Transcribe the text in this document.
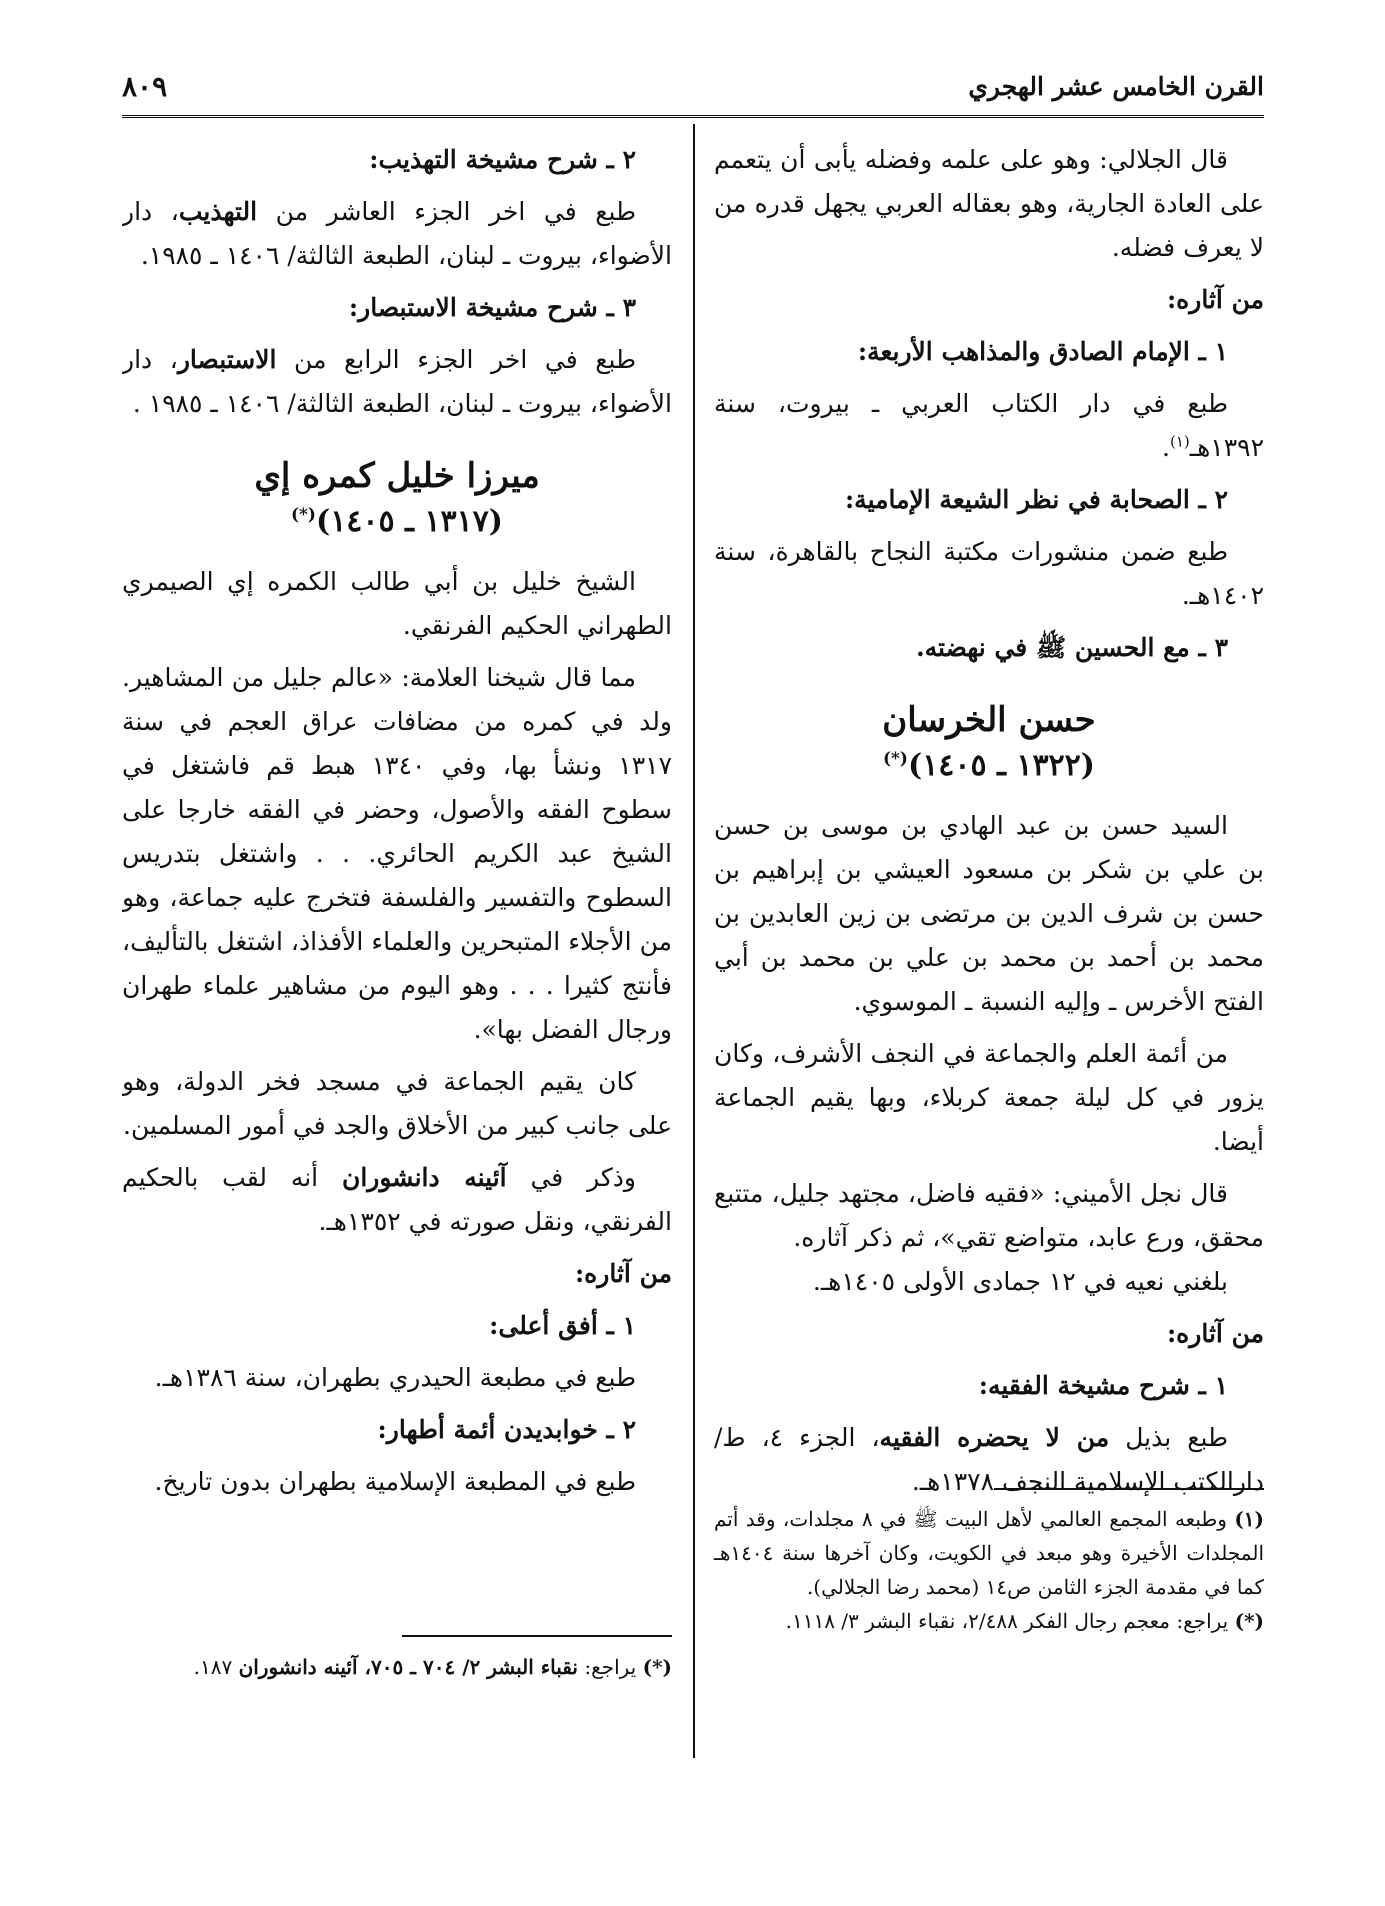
القرن الخامس عشر الهجري
٨٠٩

قال الجلالي: وهو على علمه وفضله يأبى أن يتعمم على العادة الجارية، وهو بعقاله العربي يجهل قدره من لا يعرف فضله.

من آثاره:

١ ـ الإمام الصادق والمذاهب الأربعة:

طبع في دار الكتاب العربي ـ بيروت، سنة ١٣٩٢هـ$^{(١)}$.

٢ ـ الصحابة في نظر الشيعة الإمامية:

طبع ضمن منشورات مكتبة النجاح بالقاهرة، سنة ١٤٠٢هـ.

٣ ـ مع الحسين ﷺ في نهضته.

حسن الخرسان
(١٣٢٢ ـ ١٤٠٥)(*)

السيد حسن بن عبد الهادي بن موسى بن حسن بن علي بن شكر بن مسعود العيشي بن إبراهيم بن حسن بن شرف الدين بن مرتضى بن زين العابدين بن محمد بن أحمد بن محمد بن علي بن محمد بن أبي الفتح الأخرس ـ وإليه النسبة ـ الموسوي.

من أئمة العلم والجماعة في النجف الأشرف، وكان يزور في كل ليلة جمعة كربلاء، وبها يقيم الجماعة أيضا.

قال نجل الأميني: «فقيه فاضل، مجتهد جليل، متتبع محقق، ورع عابد، متواضع تقي»، ثم ذكر آثاره.

بلغني نعيه في ١٢ جمادى الأولى ١٤٠٥هـ.

من آثاره:

١ ـ شرح مشيخة الفقيه:

طبع بذيل من لا يحضره الفقيه، الجزء ٤، ط/ دارالكتب الإسلامية النجف ١٣٧٨هـ.

(١) وطبعه المجمع العالمي لأهل البيت ﷺ في ٨ مجلدات، وقد أتم المجلدات الأخيرة وهو مبعد في الكويت، وكان آخرها سنة ١٤٠٤هـ كما في مقدمة الجزء الثامن ص١٤ (محمد رضا الجلالي).

(*) يراجع: معجم رجال الفكر ٢/٤٨٨، نقباء البشر ٣/ ١١١٨.

٢ ـ شرح مشيخة التهذيب:

طبع في اخر الجزء العاشر من التهذيب، دار الأضواء، بيروت ـ لبنان، الطبعة الثالثة/ ١٤٠٦ ـ ١٩٨٥.

٣ ـ شرح مشيخة الاستبصار:

طبع في اخر الجزء الرابع من الاستبصار، دار الأضواء، بيروت ـ لبنان، الطبعة الثالثة/ ١٤٠٦ ـ ١٩٨٥ .

ميرزا خليل كمره إي
(١٣١٧ ـ ١٤٠٥)(*)

الشيخ خليل بن أبي طالب الكمره إي الصيمري الطهراني الحكيم الفرنقي.

مما قال شيخنا العلامة: «عالم جليل من المشاهير. ولد في كمره من مضافات عراق العجم في سنة ١٣١٧ ونشأ بها، وفي ١٣٤٠ هبط قم فاشتغل في سطوح الفقه والأصول، وحضر في الفقه خارجا على الشيخ عبد الكريم الحائري. . . واشتغل بتدريس السطوح والتفسير والفلسفة فتخرج عليه جماعة، وهو من الأجلاء المتبحرين والعلماء الأفذاذ، اشتغل بالتأليف، فأنتج كثيرا . . . وهو اليوم من مشاهير علماء طهران ورجال الفضل بها».

كان يقيم الجماعة في مسجد فخر الدولة، وهو على جانب كبير من الأخلاق والجد في أمور المسلمين.

وذكر في آئينه دانشوران أنه لقب بالحكيم الفرنقي، ونقل صورته في ١٣٥٢هـ.

من آثاره:

١ ـ أفق أعلى:

طبع في مطبعة الحيدري بطهران، سنة ١٣٨٦هـ.

٢ ـ خوابديدن أئمة أطهار:

طبع في المطبعة الإسلامية بطهران بدون تاريخ.

(*) يراجع: نقباء البشر ٢/ ٧٠٤ ـ ٧٠٥، آئينه دانشوران ١٨٧.
